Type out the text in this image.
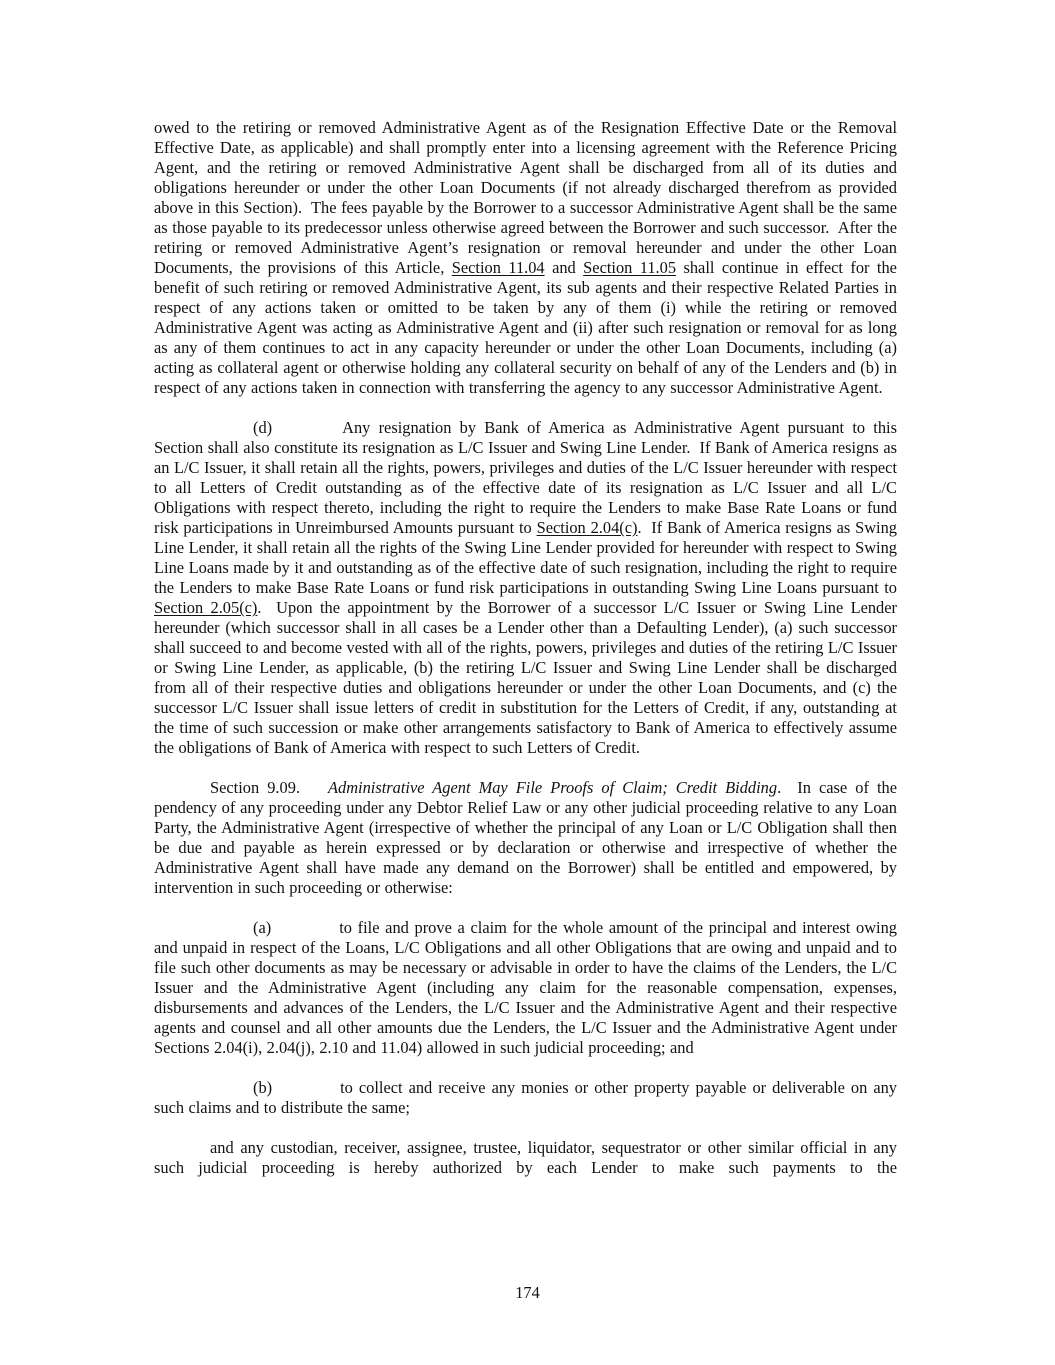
owed to the retiring or removed Administrative Agent as of the Resignation Effective Date or the Removal Effective Date, as applicable) and shall promptly enter into a licensing agreement with the Reference Pricing Agent, and the retiring or removed Administrative Agent shall be discharged from all of its duties and obligations hereunder or under the other Loan Documents (if not already discharged therefrom as provided above in this Section).  The fees payable by the Borrower to a successor Administrative Agent shall be the same as those payable to its predecessor unless otherwise agreed between the Borrower and such successor.  After the retiring or removed Administrative Agent’s resignation or removal hereunder and under the other Loan Documents, the provisions of this Article, Section 11.04 and Section 11.05 shall continue in effect for the benefit of such retiring or removed Administrative Agent, its sub agents and their respective Related Parties in respect of any actions taken or omitted to be taken by any of them (i) while the retiring or removed Administrative Agent was acting as Administrative Agent and (ii) after such resignation or removal for as long as any of them continues to act in any capacity hereunder or under the other Loan Documents, including (a) acting as collateral agent or otherwise holding any collateral security on behalf of any of the Lenders and (b) in respect of any actions taken in connection with transferring the agency to any successor Administrative Agent.

(d)	Any resignation by Bank of America as Administrative Agent pursuant to this Section shall also constitute its resignation as L/C Issuer and Swing Line Lender.  If Bank of America resigns as an L/C Issuer, it shall retain all the rights, powers, privileges and duties of the L/C Issuer hereunder with respect to all Letters of Credit outstanding as of the effective date of its resignation as L/C Issuer and all L/C Obligations with respect thereto, including the right to require the Lenders to make Base Rate Loans or fund risk participations in Unreimbursed Amounts pursuant to Section 2.04(c).  If Bank of America resigns as Swing Line Lender, it shall retain all the rights of the Swing Line Lender provided for hereunder with respect to Swing Line Loans made by it and outstanding as of the effective date of such resignation, including the right to require the Lenders to make Base Rate Loans or fund risk participations in outstanding Swing Line Loans pursuant to Section 2.05(c).  Upon the appointment by the Borrower of a successor L/C Issuer or Swing Line Lender hereunder (which successor shall in all cases be a Lender other than a Defaulting Lender), (a) such successor shall succeed to and become vested with all of the rights, powers, privileges and duties of the retiring L/C Issuer or Swing Line Lender, as applicable, (b) the retiring L/C Issuer and Swing Line Lender shall be discharged from all of their respective duties and obligations hereunder or under the other Loan Documents, and (c) the successor L/C Issuer shall issue letters of credit in substitution for the Letters of Credit, if any, outstanding at the time of such succession or make other arrangements satisfactory to Bank of America to effectively assume the obligations of Bank of America with respect to such Letters of Credit.

Section 9.09. Administrative Agent May File Proofs of Claim; Credit Bidding.  In case of the pendency of any proceeding under any Debtor Relief Law or any other judicial proceeding relative to any Loan Party, the Administrative Agent (irrespective of whether the principal of any Loan or L/C Obligation shall then be due and payable as herein expressed or by declaration or otherwise and irrespective of whether the Administrative Agent shall have made any demand on the Borrower) shall be entitled and empowered, by intervention in such proceeding or otherwise:

(a)	to file and prove a claim for the whole amount of the principal and interest owing and unpaid in respect of the Loans, L/C Obligations and all other Obligations that are owing and unpaid and to file such other documents as may be necessary or advisable in order to have the claims of the Lenders, the L/C Issuer and the Administrative Agent (including any claim for the reasonable compensation, expenses, disbursements and advances of the Lenders, the L/C Issuer and the Administrative Agent and their respective agents and counsel and all other amounts due the Lenders, the L/C Issuer and the Administrative Agent under Sections 2.04(i), 2.04(j), 2.10 and 11.04) allowed in such judicial proceeding; and

(b)	to collect and receive any monies or other property payable or deliverable on any such claims and to distribute the same;

and any custodian, receiver, assignee, trustee, liquidator, sequestrator or other similar official in any such judicial proceeding is hereby authorized by each Lender to make such payments to the

174
